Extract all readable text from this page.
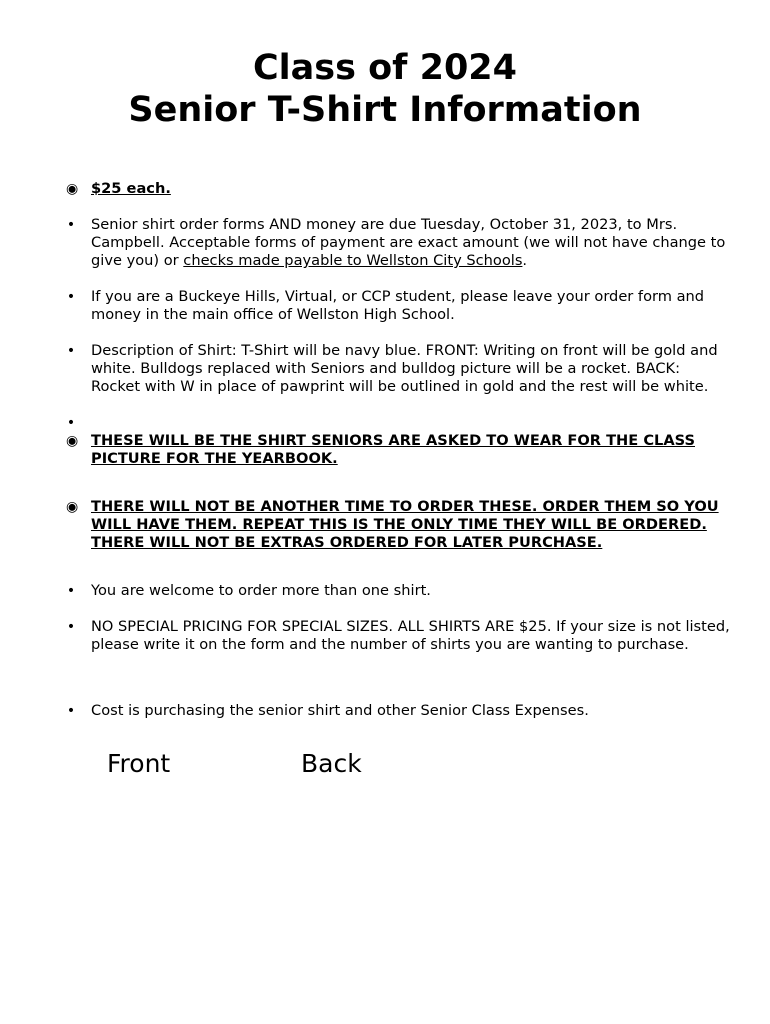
Class of 2024
Senior T-Shirt Information
◉ $25 each.
• Senior shirt order forms AND money are due Tuesday, October 31, 2023, to Mrs. Campbell. Acceptable forms of payment are exact amount (we will not have change to give you) or checks made payable to Wellston City Schools.
• If you are a Buckeye Hills, Virtual, or CCP student, please leave your order form and money in the main office of Wellston High School.
• Description of Shirt: T-Shirt will be navy blue. FRONT: Writing on front will be gold and white. Bulldogs replaced with Seniors and bulldog picture will be a rocket. BACK: Rocket with W in place of pawprint will be outlined in gold and the rest will be white.
•
◉ THESE WILL BE THE SHIRT SENIORS ARE ASKED TO WEAR FOR THE CLASS PICTURE FOR THE YEARBOOK.
◉ THERE WILL NOT BE ANOTHER TIME TO ORDER THESE. ORDER THEM SO YOU WILL HAVE THEM. REPEAT THIS IS THE ONLY TIME THEY WILL BE ORDERED. THERE WILL NOT BE EXTRAS ORDERED FOR LATER PURCHASE.
• You are welcome to order more than one shirt.
• NO SPECIAL PRICING FOR SPECIAL SIZES. ALL SHIRTS ARE $25. If your size is not listed, please write it on the form and the number of shirts you are wanting to purchase.
• Cost is purchasing the senior shirt and other Senior Class Expenses.
Front	Back
